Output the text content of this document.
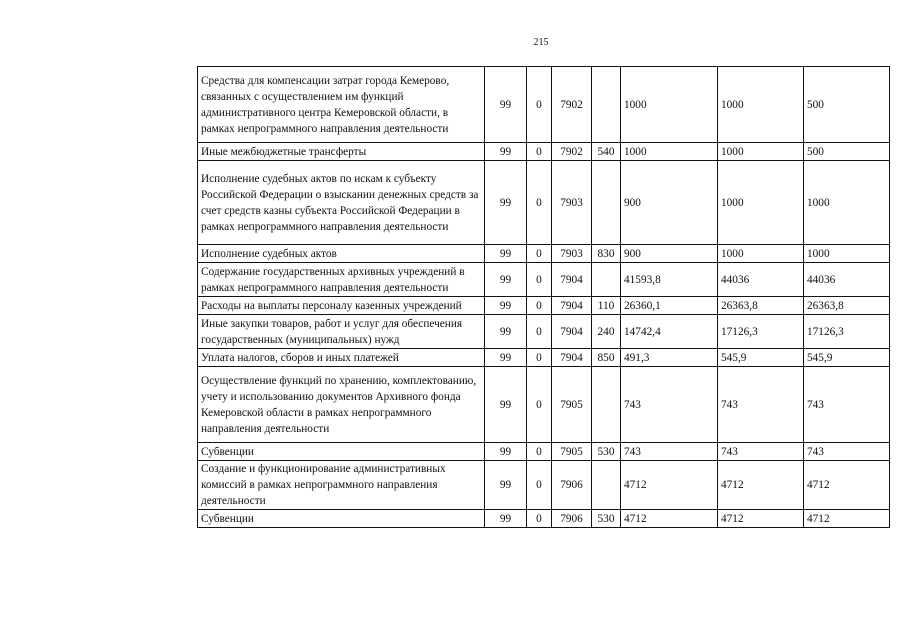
215
Средства для компенсации затрат города Кемерово, связанных с осуществлением им функций административного центра Кемеровской области, в рамках непрограммного направления деятельности	99	0	7902		1000	1000	500
Иные межбюджетные трансферты	99	0	7902	540	1000	1000	500
Исполнение судебных актов по искам к субъекту Российской Федерации о взыскании денежных средств за счет средств казны субъекта Российской Федерации в рамках непрограммного направления деятельности	99	0	7903		900	1000	1000
Исполнение судебных актов	99	0	7903	830	900	1000	1000
Содержание государственных архивных учреждений в рамках непрограммного направления деятельности	99	0	7904		41593,8	44036	44036
Расходы на выплаты персоналу казенных учреждений	99	0	7904	110	26360,1	26363,8	26363,8
Иные закупки товаров, работ и услуг для обеспечения государственных (муниципальных) нужд	99	0	7904	240	14742,4	17126,3	17126,3
Уплата налогов, сборов и иных платежей	99	0	7904	850	491,3	545,9	545,9
Осуществление функций по хранению, комплектованию, учету и использованию документов Архивного фонда Кемеровской области в рамках непрограммного направления деятельности	99	0	7905		743	743	743
Субвенции	99	0	7905	530	743	743	743
Создание и функционирование административных комиссий в рамках непрограммного направления деятельности	99	0	7906		4712	4712	4712
Субвенции	99	0	7906	530	4712	4712	4712
